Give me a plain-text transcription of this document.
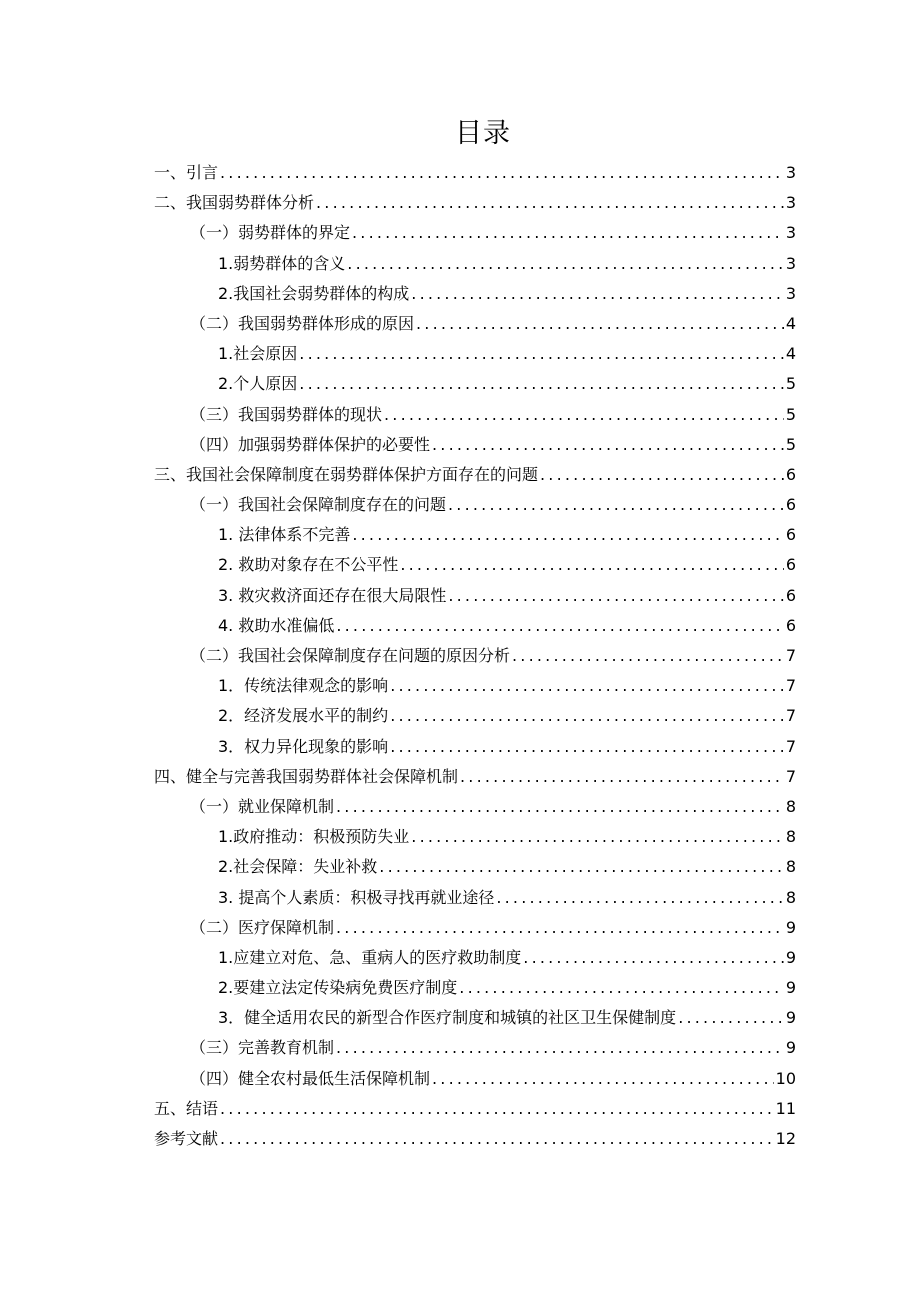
目录
一、引言 .....	3
二、我国弱势群体分析 .....	3
（一）弱势群体的界定 .....	3
1.弱势群体的含义 .....	3
2.我国社会弱势群体的构成 .....	3
（二）我国弱势群体形成的原因 .....	4
1.社会原因 .....	4
2.个人原因 .....	5
（三）我国弱势群体的现状 .....	5
（四）加强弱势群体保护的必要性 .....	5
三、我国社会保障制度在弱势群体保护方面存在的问题 .....	6
（一）我国社会保障制度存在的问题 .....	6
1. 法律体系不完善 .....	6
2. 救助对象存在不公平性 .....	6
3. 救灾救济面还存在很大局限性 .....	6
4. 救助水准偏低 .....	6
（二）我国社会保障制度存在问题的原因分析 .....	7
1．传统法律观念的影响 .....	7
2．经济发展水平的制约 .....	7
3．权力异化现象的影响 .....	7
四、健全与完善我国弱势群体社会保障机制 .....	7
（一）就业保障机制 .....	8
1.政府推动：积极预防失业 .....	8
2.社会保障：失业补救 .....	8
3. 提高个人素质：积极寻找再就业途径 .....	8
（二）医疗保障机制 .....	9
1.应建立对危、急、重病人的医疗救助制度 .....	9
2.要建立法定传染病免费医疗制度 .....	9
3．健全适用农民的新型合作医疗制度和城镇的社区卫生保健制度 .....	9
（三）完善教育机制 .....	9
（四）健全农村最低生活保障机制 .....	10
五、结语 .....	11
参考文献 .....	12
